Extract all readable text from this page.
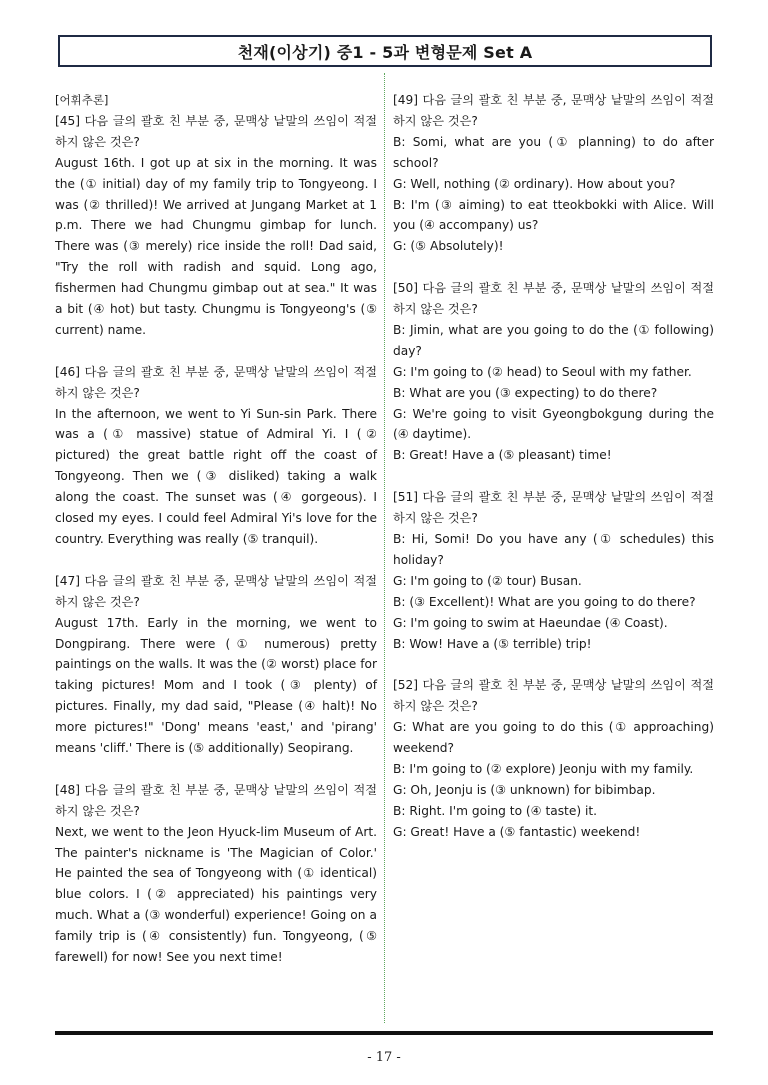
천재(이상기) 중1 - 5과 변형문제 Set A

[어휘추론]

[45] 다음 글의 괄호 친 부분 중, 문맥상 낱말의 쓰임이 적절하지 않은 것은?

August 16th. I got up at six in the morning. It was the (① initial) day of my family trip to Tongyeong. I was (② thrilled)! We arrived at Jungang Market at 1 p.m. There we had Chungmu gimbap for lunch. There was (③ merely) rice inside the roll! Dad said, "Try the roll with radish and squid. Long ago, fishermen had Chungmu gimbap out at sea." It was a bit (④ hot) but tasty. Chungmu is Tongyeong's (⑤ current) name.

[46] 다음 글의 괄호 친 부분 중, 문맥상 낱말의 쓰임이 적절하지 않은 것은?

In the afternoon, we went to Yi Sun-sin Park. There was a (① massive) statue of Admiral Yi. I (② pictured) the great battle right off the coast of Tongyeong. Then we (③ disliked) taking a walk along the coast. The sunset was (④ gorgeous). I closed my eyes. I could feel Admiral Yi's love for the country. Everything was really (⑤ tranquil).

[47] 다음 글의 괄호 친 부분 중, 문맥상 낱말의 쓰임이 적절하지 않은 것은?

August 17th. Early in the morning, we went to Dongpirang. There were (① numerous) pretty paintings on the walls. It was the (② worst) place for taking pictures! Mom and I took (③ plenty) of pictures. Finally, my dad said, "Please (④ halt)! No more pictures!" 'Dong' means 'east,' and 'pirang' means 'cliff.' There is (⑤ additionally) Seopirang.

[48] 다음 글의 괄호 친 부분 중, 문맥상 낱말의 쓰임이 적절하지 않은 것은?

Next, we went to the Jeon Hyuck-lim Museum of Art. The painter's nickname is 'The Magician of Color.' He painted the sea of Tongyeong with (① identical) blue colors. I (② appreciated) his paintings very much. What a (③ wonderful) experience! Going on a family trip is (④ consistently) fun. Tongyeong, (⑤ farewell) for now! See you next time!

[49] 다음 글의 괄호 친 부분 중, 문맥상 낱말의 쓰임이 적절하지 않은 것은?

B: Somi, what are you (① planning) to do after school?

G: Well, nothing (② ordinary). How about you?

B: I'm (③ aiming) to eat tteokbokki with Alice. Will you (④ accompany) us?

G: (⑤ Absolutely)!

[50] 다음 글의 괄호 친 부분 중, 문맥상 낱말의 쓰임이 적절하지 않은 것은?

B: Jimin, what are you going to do the (① following) day?

G: I'm going to (② head) to Seoul with my father.

B: What are you (③ expecting) to do there?

G: We're going to visit Gyeongbokgung during the (④ daytime).

B: Great! Have a (⑤ pleasant) time!

[51] 다음 글의 괄호 친 부분 중, 문맥상 낱말의 쓰임이 적절하지 않은 것은?

B: Hi, Somi! Do you have any (① schedules) this holiday?

G: I'm going to (② tour) Busan.

B: (③ Excellent)! What are you going to do there?

G: I'm going to swim at Haeundae (④ Coast).

B: Wow! Have a (⑤ terrible) trip!

[52] 다음 글의 괄호 친 부분 중, 문맥상 낱말의 쓰임이 적절하지 않은 것은?

G: What are you going to do this (① approaching) weekend?

B: I'm going to (② explore) Jeonju with my family.

G: Oh, Jeonju is (③ unknown) for bibimbap.

B: Right. I'm going to (④ taste) it.

G: Great! Have a (⑤ fantastic) weekend!

- 17 -
